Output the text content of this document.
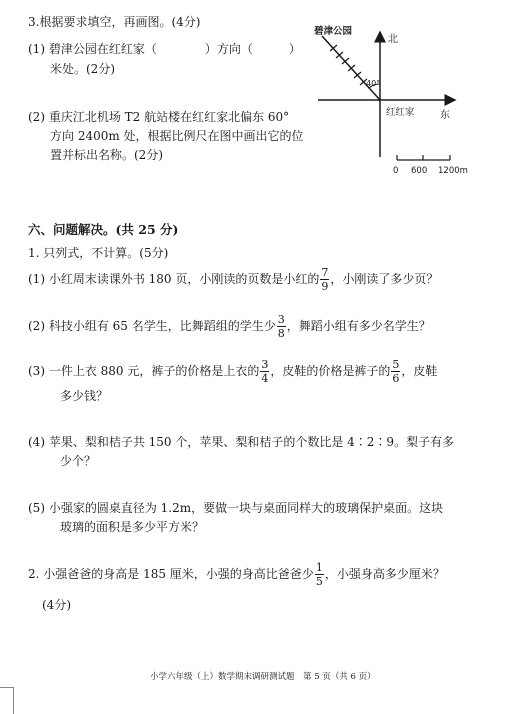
3.根据要求填空，再画图。(4分)
(1) 碧津公园在红红家（　　　　）方向（　　　）
米处。(2分)
(2) 重庆江北机场 T2 航站楼在红红家北偏东 60°
方向 2400m 处，根据比例尺在图中画出它的位
置并标出名称。(2分)
40°
碧津公园
北
红红家	东
0 600 1200m
六、问题解决。(共 25 分)
1. 只列式，不计算。(5分)
(1) 小红周末读课外书 180 页，小刚读的页数是小红的 $\frac{7}{9}$ ，小刚读了多少页？
(2) 科技小组有 65 名学生，比舞蹈组的学生少 $\frac{3}{8}$ ，舞蹈小组有多少名学生？
(3) 一件上衣 880 元，裤子的价格是上衣的 $\frac{3}{4}$ ，皮鞋的价格是裤子的 $\frac{5}{6}$ ，皮鞋
多少钱？
(4) 苹果、梨和桔子共 150 个，苹果、梨和桔子的个数比是 4∶2∶9。梨子有多
少个？
(5) 小强家的圆桌直径为 1.2m，要做一块与桌面同样大的玻璃保护桌面。这块
玻璃的面积是多少平方米？
2. 小强爸爸的身高是 185 厘米，小强的身高比爸爸少 $\frac{1}{5}$ ，小强身高多少厘米？
(4分)
小学六年级（上）数学期末调研测试题　第 5 页（共 6 页）
